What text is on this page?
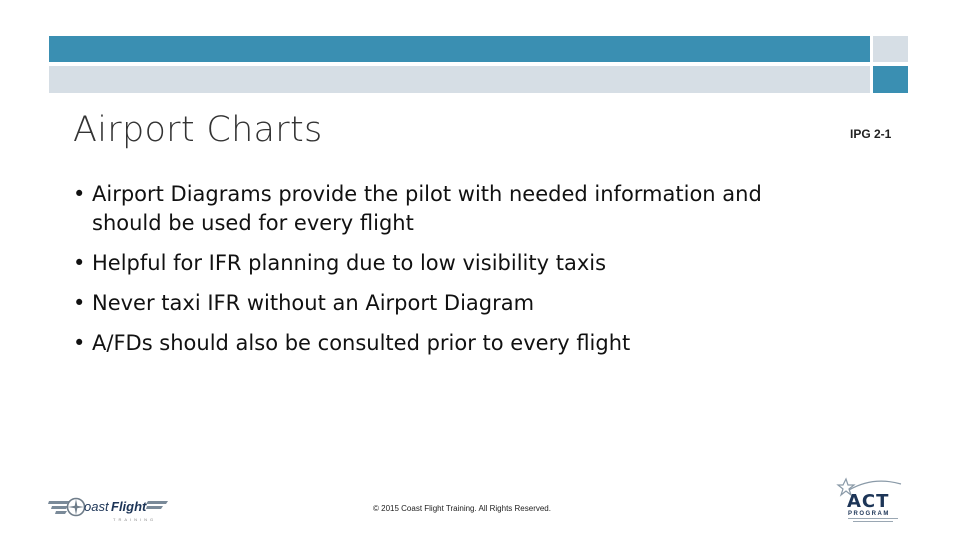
Airport Charts	IPG 2-1
• Airport Diagrams provide the pilot with needed information and should be used for every flight
• Helpful for IFR planning due to low visibility taxis
• Never taxi IFR without an Airport Diagram
• A/FDs should also be consulted prior to every flight
oast Flight
TRAINING
© 2015 Coast Flight Training. All Rights Reserved.	ACT
PROGRAM
